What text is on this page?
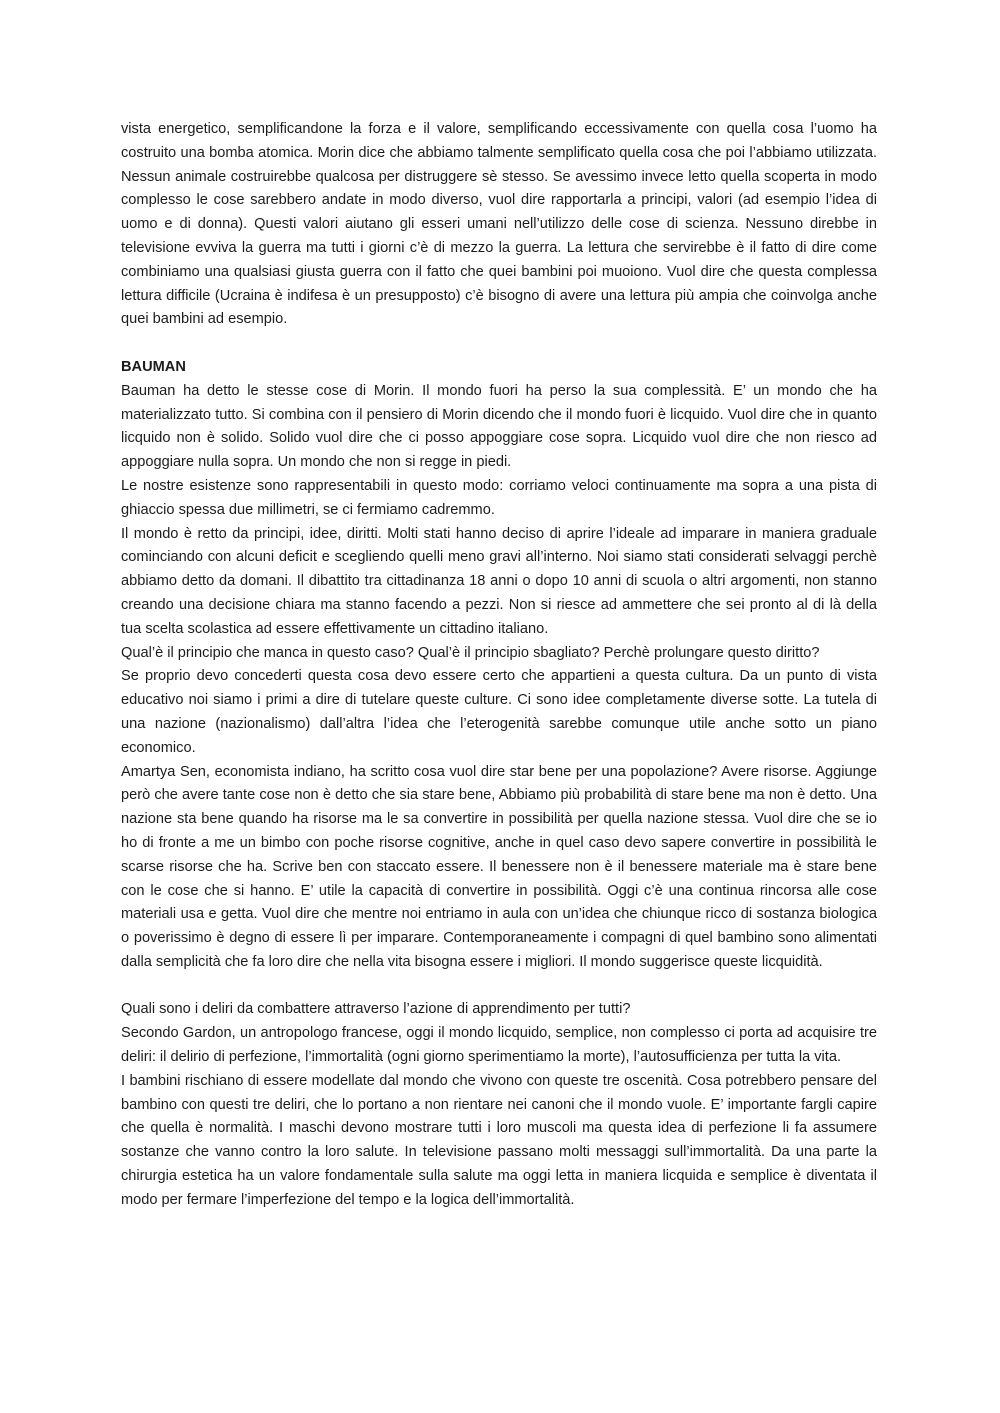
vista energetico, semplificandone la forza e il valore, semplificando eccessivamente con quella cosa l’uomo ha costruito una bomba atomica. Morin dice che abbiamo talmente semplificato quella cosa che poi l’abbiamo utilizzata. Nessun animale costruirebbe qualcosa per distruggere sè stesso. Se avessimo invece letto quella scoperta in modo complesso le cose sarebbero andate in modo diverso, vuol dire rapportarla a principi, valori (ad esempio l’idea di uomo e di donna). Questi valori aiutano gli esseri umani nell’utilizzo delle cose di scienza. Nessuno direbbe in televisione evviva la guerra ma tutti i giorni c’è di mezzo la guerra. La lettura che servirebbe è il fatto di dire come combiniamo una qualsiasi giusta guerra con il fatto che quei bambini poi muoiono. Vuol dire che questa complessa lettura difficile (Ucraina è indifesa è un presupposto) c’è bisogno di avere una lettura più ampia che coinvolga anche quei bambini ad esempio.

BAUMAN

Bauman ha detto le stesse cose di Morin. Il mondo fuori ha perso la sua complessità. E’ un mondo che ha materializzato tutto. Si combina con il pensiero di Morin dicendo che il mondo fuori è licquido. Vuol dire che in quanto licquido non è solido. Solido vuol dire che ci posso appoggiare cose sopra. Licquido vuol dire che non riesco ad appoggiare nulla sopra. Un mondo che non si regge in piedi.

Le nostre esistenze sono rappresentabili in questo modo: corriamo veloci continuamente ma sopra a una pista di ghiaccio spessa due millimetri, se ci fermiamo cadremmo.

Il mondo è retto da principi, idee, diritti. Molti stati hanno deciso di aprire l’ideale ad imparare in maniera graduale cominciando con alcuni deficit e scegliendo quelli meno gravi all’interno. Noi siamo stati considerati selvaggi perchè abbiamo detto da domani. Il dibattito tra cittadinanza 18 anni o dopo 10 anni di scuola o altri argomenti, non stanno creando una decisione chiara ma stanno facendo a pezzi. Non si riesce ad ammettere che sei pronto al di là della tua scelta scolastica ad essere effettivamente un cittadino italiano.

Qual’è il principio che manca in questo caso? Qual’è il principio sbagliato? Perchè prolungare questo diritto?

Se proprio devo concederti questa cosa devo essere certo che appartieni a questa cultura. Da un punto di vista educativo noi siamo i primi a dire di tutelare queste culture. Ci sono idee completamente diverse sotte. La tutela di una nazione (nazionalismo) dall’altra l’idea che l’eterogenità sarebbe comunque utile anche sotto un piano economico.

Amartya Sen, economista indiano, ha scritto cosa vuol dire star bene per una popolazione? Avere risorse. Aggiunge però che avere tante cose non è detto che sia stare bene, Abbiamo più probabilità di stare bene ma non è detto. Una nazione sta bene quando ha risorse ma le sa convertire in possibilità per quella nazione stessa. Vuol dire che se io ho di fronte a me un bimbo con poche risorse cognitive, anche in quel caso devo sapere convertire in possibilità le scarse risorse che ha. Scrive ben con staccato essere. Il benessere non è il benessere materiale ma è stare bene con le cose che si hanno. E’ utile la capacità di convertire in possibilità. Oggi c’è una continua rincorsa alle cose materiali usa e getta. Vuol dire che mentre noi entriamo in aula con un’idea che chiunque ricco di sostanza biologica o poverissimo è degno di essere lì per imparare. Contemporaneamente i compagni di quel bambino sono alimentati dalla semplicità che fa loro dire che nella vita bisogna essere i migliori. Il mondo suggerisce queste licquidità.

Quali sono i deliri da combattere attraverso l’azione di apprendimento per tutti?

Secondo Gardon, un antropologo francese, oggi il mondo licquido, semplice, non complesso ci porta ad acquisire tre deliri: il delirio di perfezione, l’immortalità (ogni giorno sperimentiamo la morte), l’autosufficienza per tutta la vita.

I bambini rischiano di essere modellate dal mondo che vivono con queste tre oscenità. Cosa potrebbero pensare del bambino con questi tre deliri, che lo portano a non rientare nei canoni che il mondo vuole. E’ importante fargli capire che quella è normalità. I maschi devono mostrare tutti i loro muscoli ma questa idea di perfezione li fa assumere sostanze che vanno contro la loro salute. In televisione passano molti messaggi sull’immortalità. Da una parte la chirurgia estetica ha un valore fondamentale sulla salute ma oggi letta in maniera licquida e semplice è diventata il modo per fermare l’imperfezione del tempo e la logica dell’immortalità.
